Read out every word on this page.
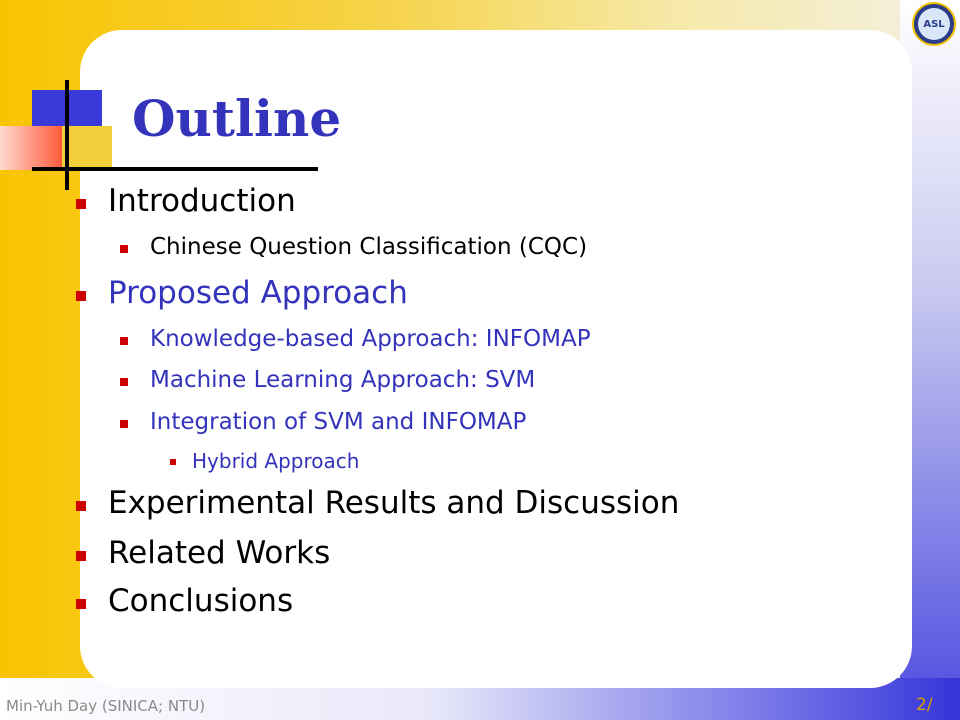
ASL
Outline
Introduction
Chinese Question Classification (CQC)
Proposed Approach
Knowledge-based Approach: INFOMAP
Machine Learning Approach: SVM
Integration of SVM and INFOMAP
Hybrid Approach
Experimental Results and Discussion
Related Works
Conclusions
Min-Yuh Day (SINICA; NTU)	2/
